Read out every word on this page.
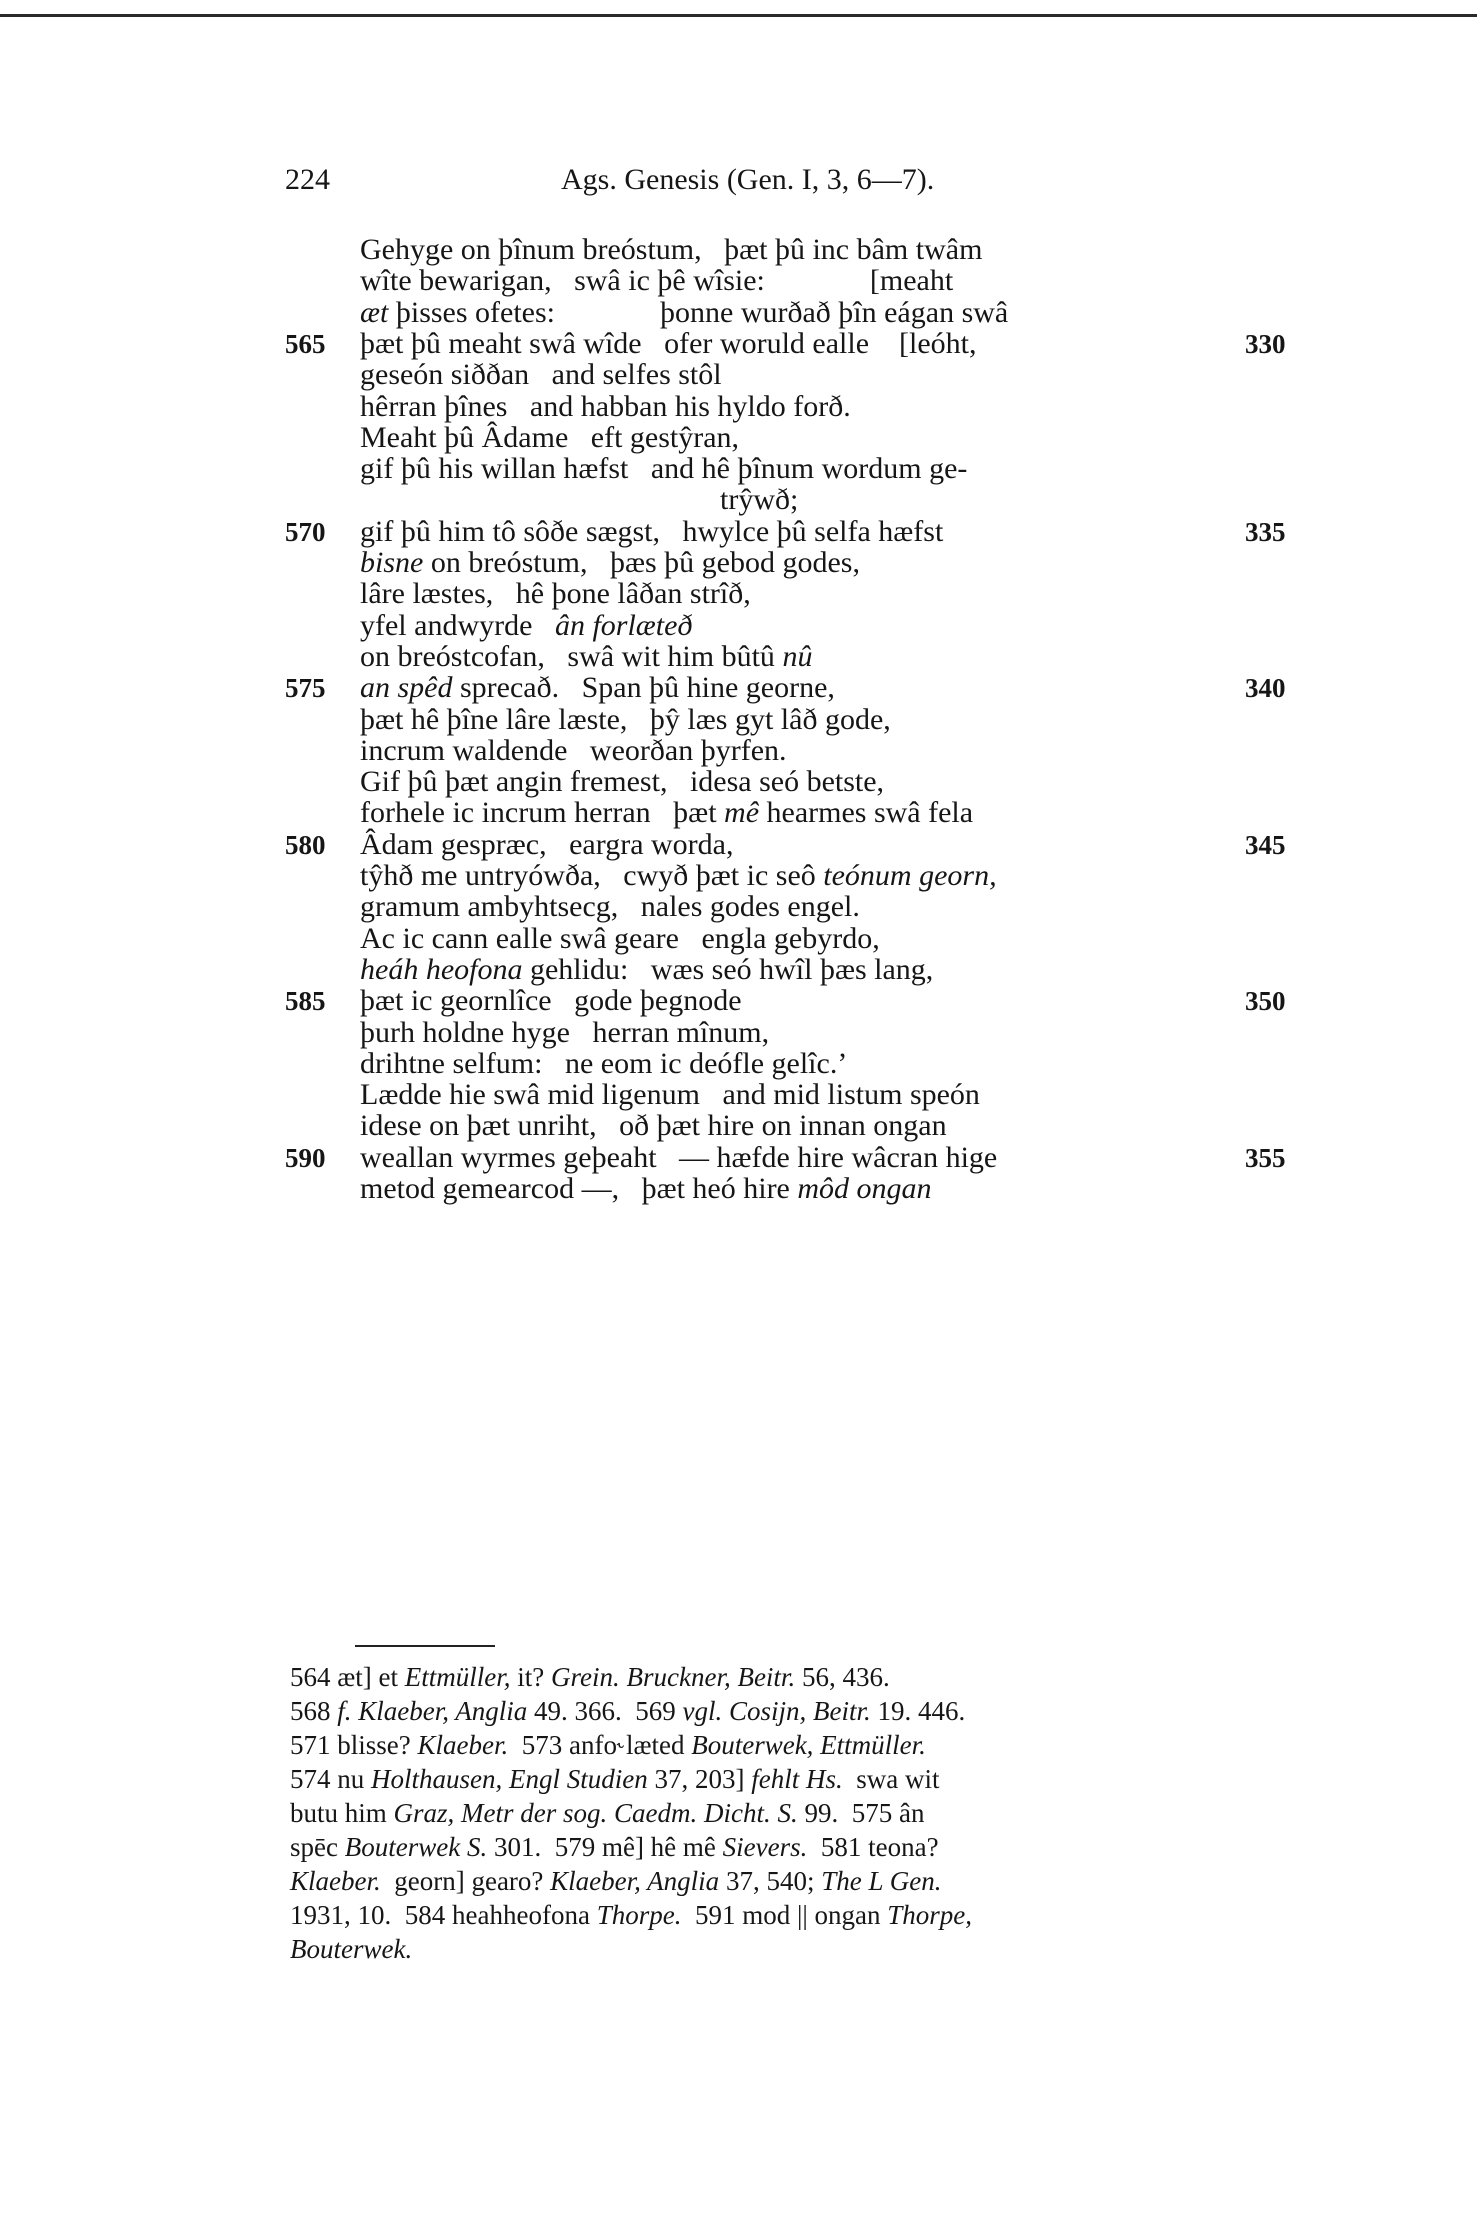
224	Ags. Genesis (Gen. I, 3, 6—7).
Gehyge on þînum breóstum,   þæt þû inc bâm twâm
wîte bewarigan,   swâ ic þê wîsie:              [meaht
æt þisses ofetes:              þonne wurðað þîn eágan swâ
565 þæt þû meaht swâ wîde   ofer woruld ealle    [leóht,	330
geseón siððan   and selfes stôl
hêrran þînes   and habban his hyldo forð.
Meaht þû Âdame   eft gestŷran,
gif þû his willan hæfst   and hê þînum wordum ge-
trŷwð;
570 gif þû him tô sôðe sægst,   hwylce þû selfa hæfst	335
bisne on breóstum,   þæs þû gebod godes,
lâre læstes,   hê þone lâðan strîð,
yfel andwyrde   ân forlæteð
on breóstcofan,   swâ wit him bûtû nû
575 an spêd sprecað.   Span þû hine georne,	340
þæt hê þîne lâre læste,   þŷ læs gyt lâð gode,
incrum waldende   weorðan þyrfen.
Gif þû þæt angin fremest,   idesa seó betste,
forhele ic incrum herran   þæt mê hearmes swâ fela
580 Âdam gespræc,   eargra worda,	345
tŷhð me untryówða,   cwyð þæt ic seô teónum georn,
gramum ambyhtsecg,   nales godes engel.
Ac ic cann ealle swâ geare   engla gebyrdo,
heáh heofona gehlidu:   wæs seó hwîl þæs lang,
585 þæt ic geornlîce   gode þegnode	350
þurh holdne hyge   herran mînum,
drihtne selfum:   ne eom ic deófle gelîc.’
Lædde hie swâ mid ligenum   and mid listum speón
idese on þæt unriht,   oð þæt hire on innan ongan
590 weallan wyrmes geþeaht   — hæfde hire wâcran hige	355
metod gemearcod —,   þæt heó hire môd ongan
564 æt] et Ettmüller, it? Grein. Bruckner, Beitr. 56, 436.
568 f. Klaeber, Anglia 49. 366.  569 vgl. Cosijn, Beitr. 19. 446.
571 blisse? Klaeber.  573 anfo˞læted Bouterwek, Ettmüller.
574 nu Holthausen, Engl Studien 37, 203] fehlt Hs.  swa wit
butu him Graz, Metr der sog. Caedm. Dicht. S. 99.  575 ân
spēc Bouterwek S. 301.  579 mê] hê mê Sievers.  581 teona?
Klaeber.  georn] gearo? Klaeber, Anglia 37, 540; The L Gen.
1931, 10.  584 heahheofona Thorpe.  591 mod || ongan Thorpe,
Bouterwek.
